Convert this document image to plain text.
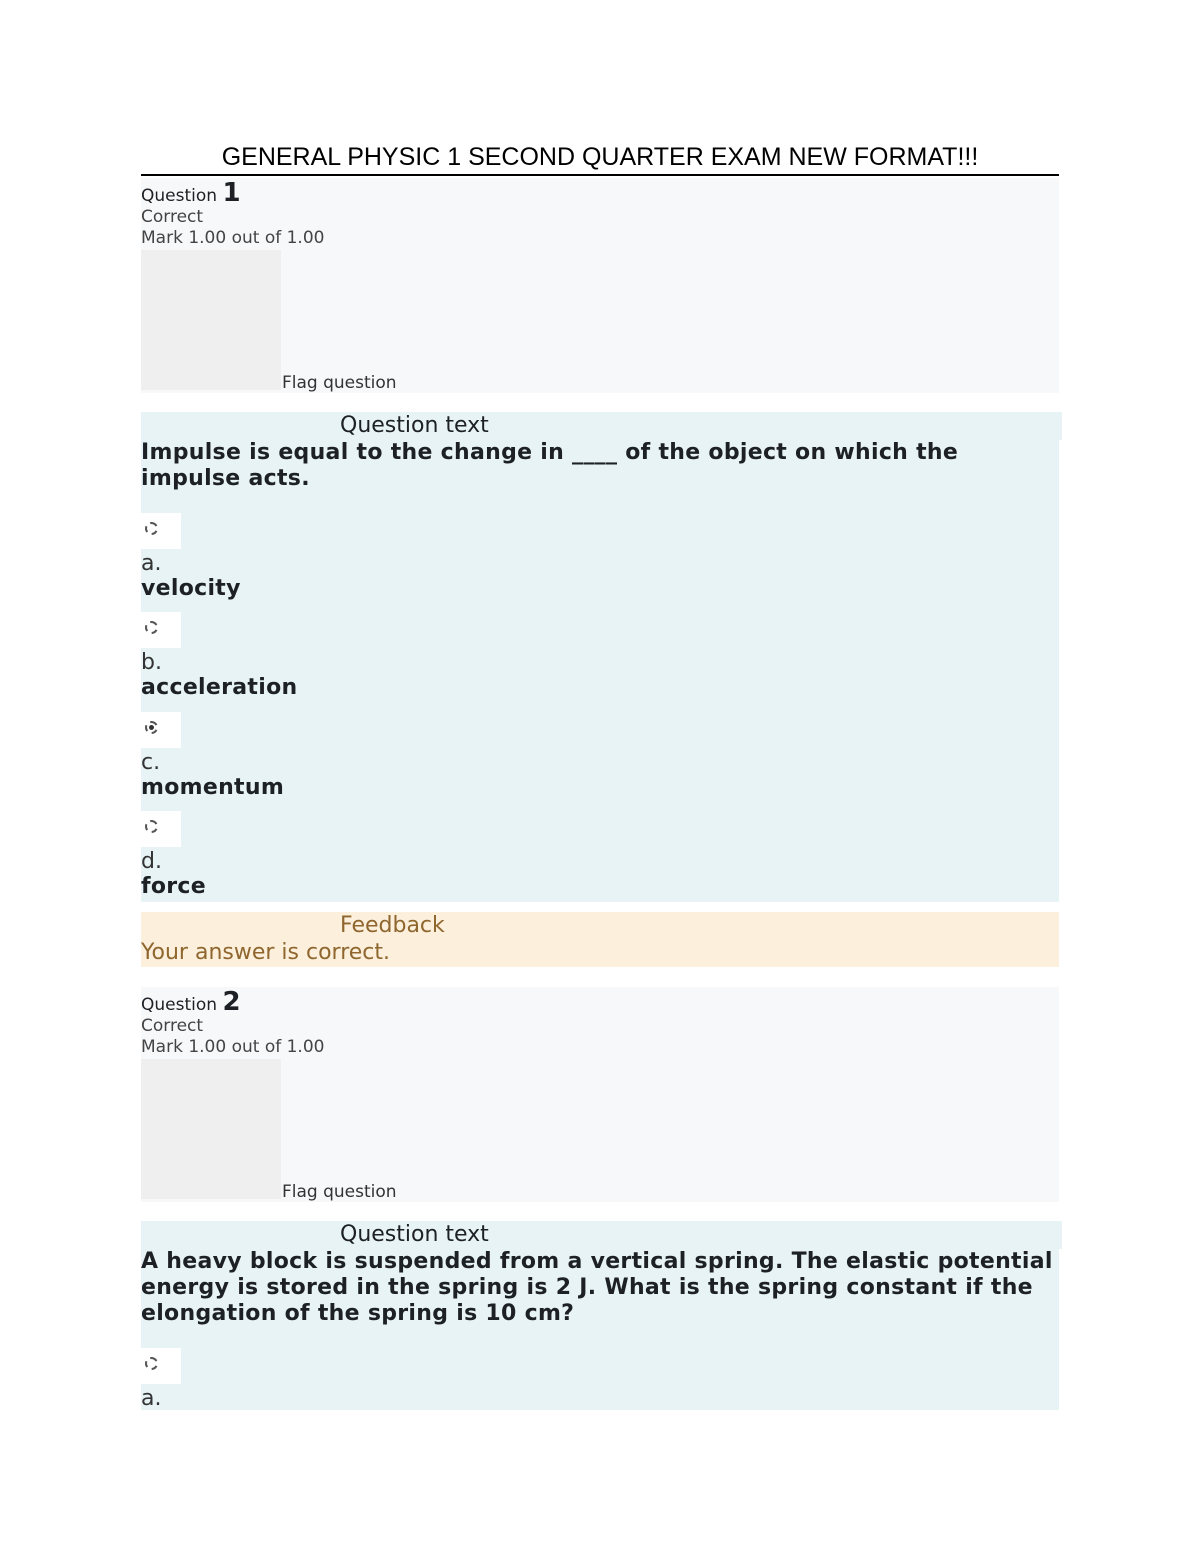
GENERAL PHYSIC 1 SECOND QUARTER EXAM NEW FORMAT!!!
Question 1
Correct
Mark 1.00 out of 1.00
Flag question
Question text
Impulse is equal to the change in ____ of the object on which the impulse acts.
a.
velocity
b.
acceleration
c.
momentum
d.
force
Feedback
Your answer is correct.
Question 2
Correct
Mark 1.00 out of 1.00
Flag question
Question text
A heavy block is suspended from a vertical spring. The elastic potential energy is stored in the spring is 2 J. What is the spring constant if the elongation of the spring is 10 cm?
a.
